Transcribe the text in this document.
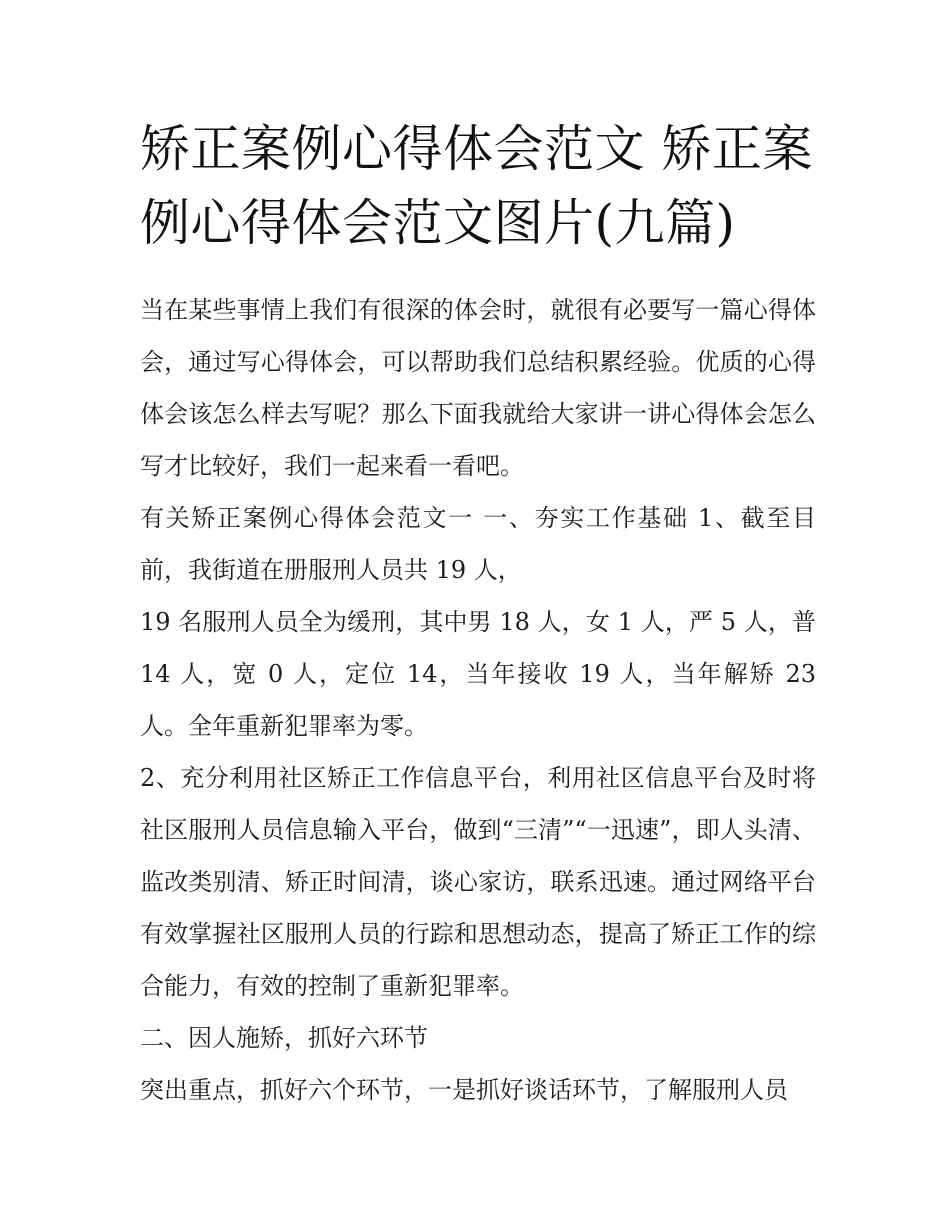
矫正案例心得体会范文 矫正案例心得体会范文图片(九篇)

当在某些事情上我们有很深的体会时，就很有必要写一篇心得体会，通过写心得体会，可以帮助我们总结积累经验。优质的心得体会该怎么样去写呢？那么下面我就给大家讲一讲心得体会怎么写才比较好，我们一起来看一看吧。

有关矫正案例心得体会范文一 一、夯实工作基础 1、截至目前，我街道在册服刑人员共 19 人，

19 名服刑人员全为缓刑，其中男 18 人，女 1 人，严 5 人，普 14 人，宽 0 人，定位 14，当年接收 19 人，当年解矫 23 人。全年重新犯罪率为零。

2、充分利用社区矫正工作信息平台，利用社区信息平台及时将社区服刑人员信息输入平台，做到“三清”“一迅速”，即人头清、监改类别清、矫正时间清，谈心家访，联系迅速。通过网络平台有效掌握社区服刑人员的行踪和思想动态，提高了矫正工作的综合能力，有效的控制了重新犯罪率。

二、因人施矫，抓好六环节

突出重点，抓好六个环节，一是抓好谈话环节，了解服刑人员
